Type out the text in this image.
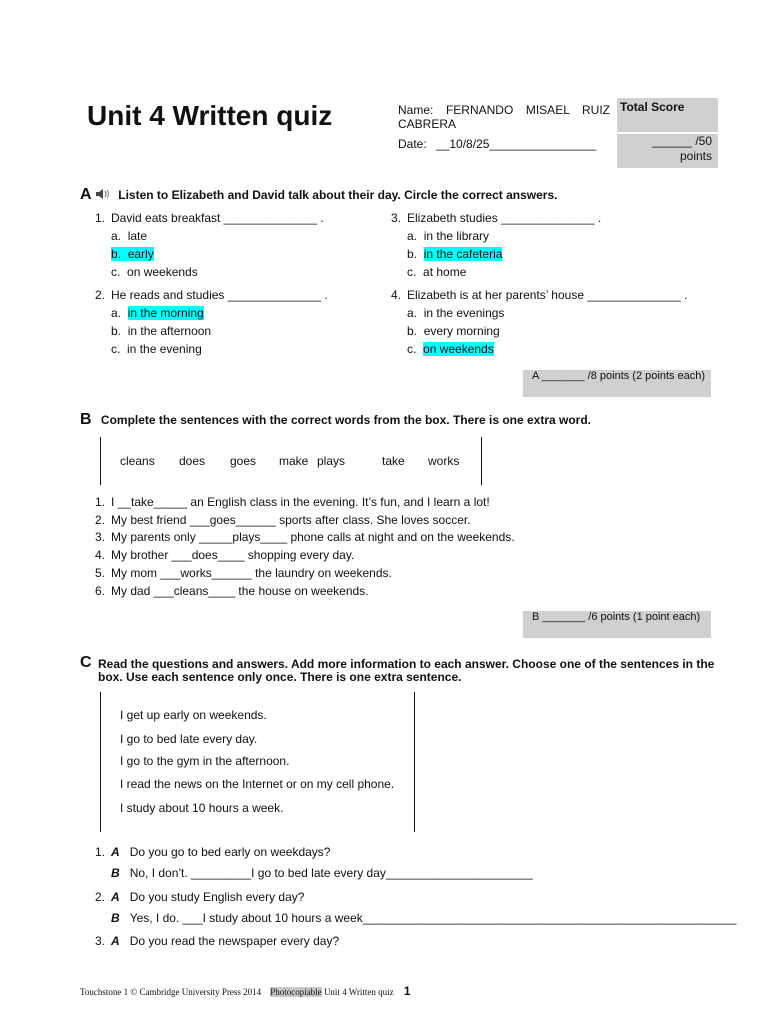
Unit 4 Written quiz	Name: FERNANDO MISAEL RUIZ CABRERA
Date: __10/8/25________________
Total Score
______ /50
points
A Listen to Elizabeth and David talk about their day. Circle the correct answers.
1. David eats breakfast ______________ .
a. late
b. early
c. on weekends
2. He reads and studies ______________ .
a. in the morning
b. in the afternoon
c. in the evening
3. Elizabeth studies ______________ .
a. in the library
b. in the cafeteria
c. at home
4. Elizabeth is at her parents’ house ______________ .
a. in the evenings
b. every morning
c. on weekends
A _______ /8 points (2 points each)
B Complete the sentences with the correct words from the box. There is one extra word.
cleans does goes make plays	take works
1. I __take_____ an English class in the evening. It’s fun, and I learn a lot!
2. My best friend ___goes______ sports after class. She loves soccer.
3. My parents only _____plays____ phone calls at night and on the weekends.
4. My brother ___does____ shopping every day.
5. My mom ___works______ the laundry on weekends.
6. My dad ___cleans____ the house on weekends.
B _______ /6 points (1 point each)
C Read the questions and answers. Add more information to each answer. Choose one of the sentences in the
box. Use each sentence only once. There is one extra sentence.
I get up early on weekends.
I go to bed late every day.
I go to the gym in the afternoon.
I read the news on the Internet or on my cell phone.
I study about 10 hours a week.
1. A Do you go to bed early on weekdays?
B No, I don’t. _________I go to bed late every day______________________
2. A Do you study English every day?
B Yes, I do. ___I study about 10 hours a week________________________________________________________
3. A Do you read the newspaper every day?
Touchstone 1 © Cambridge University Press 2014 Photocopiable Unit 4 Written quiz 1
